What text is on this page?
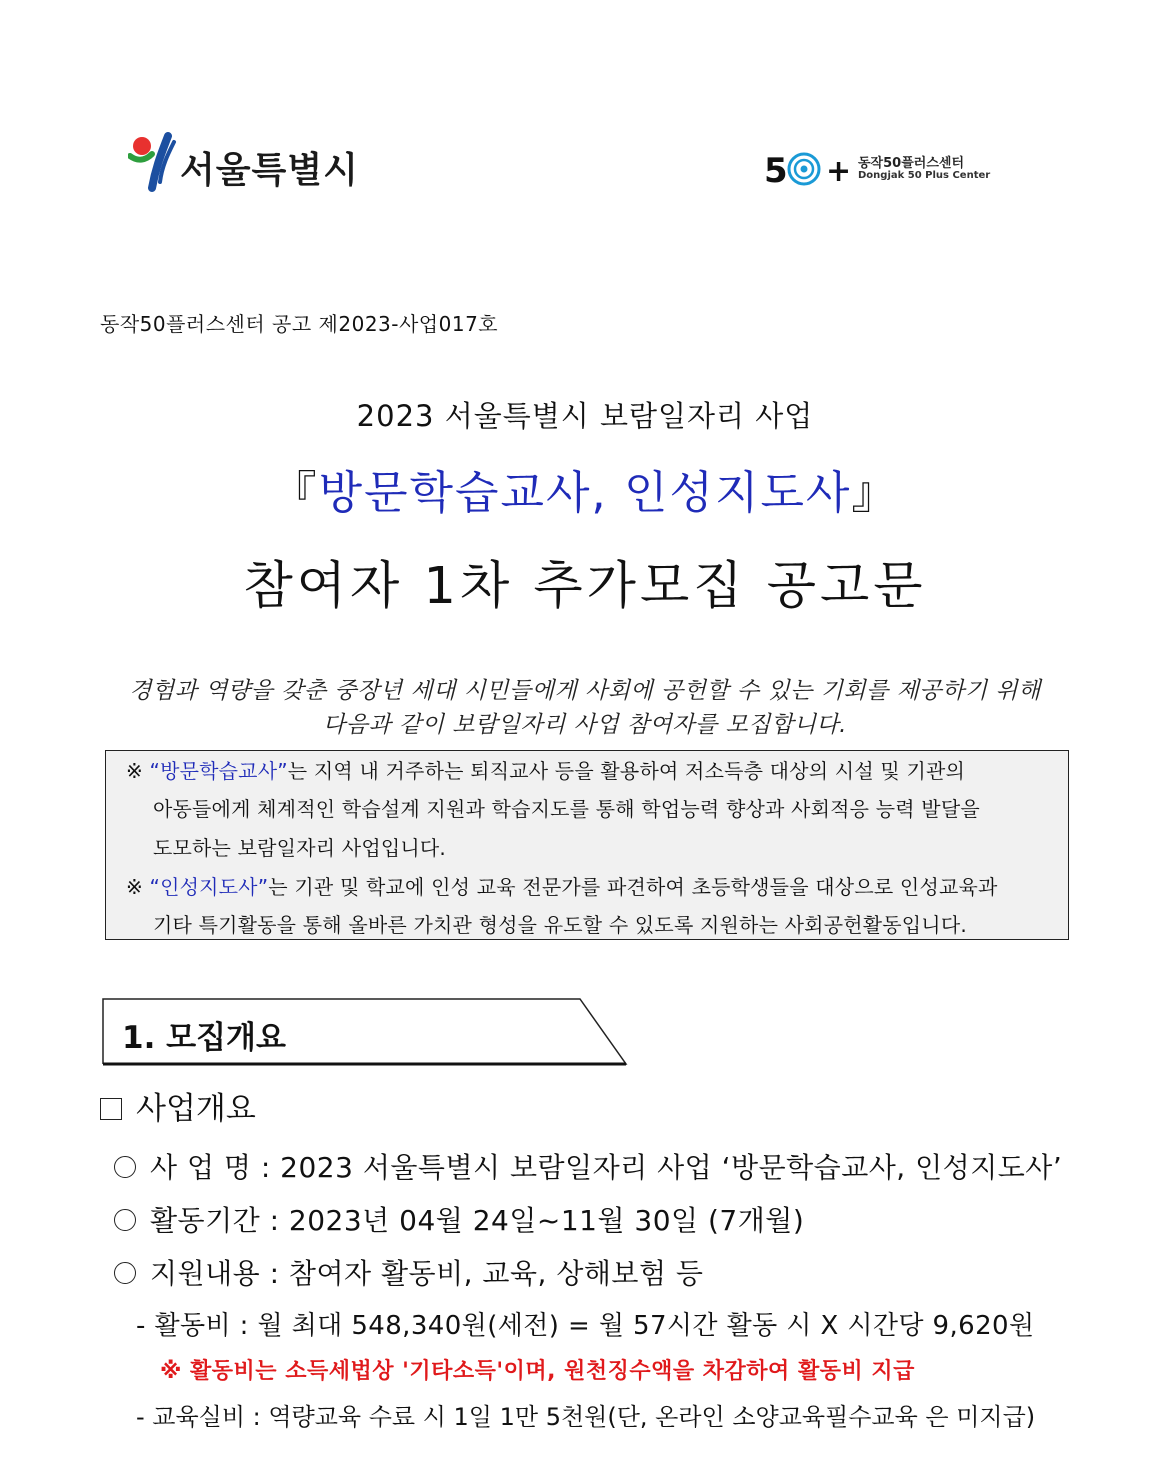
서울특별시	5 + 동작50플러스센터
Dongjak 50 Plus Center
동작50플러스센터 공고 제2023-사업017호
2023 서울특별시 보람일자리 사업
『방문학습교사, 인성지도사』
참여자 1차 추가모집 공고문
경험과 역량을 갖춘 중장년 세대 시민들에게 사회에 공헌할 수 있는 기회를 제공하기 위해
다음과 같이 보람일자리 사업 참여자를 모집합니다.
※ “방문학습교사”는 지역 내 거주하는 퇴직교사 등을 활용하여 저소득층 대상의 시설 및 기관의
아동들에게 체계적인 학습설계 지원과 학습지도를 통해 학업능력 향상과 사회적응 능력 발달을
도모하는 보람일자리 사업입니다.
※ “인성지도사”는 기관 및 학교에 인성 교육 전문가를 파견하여 초등학생들을 대상으로 인성교육과
기타 특기활동을 통해 올바른 가치관 형성을 유도할 수 있도록 지원하는 사회공헌활동입니다.
1. 모집개요
사업개요
사 업 명 : 2023 서울특별시 보람일자리 사업 ‘방문학습교사, 인성지도사’
활동기간 : 2023년 04월 24일~11월 30일 (7개월)
지원내용 : 참여자 활동비, 교육, 상해보험 등
- 활동비 : 월 최대 548,340원(세전) = 월 57시간 활동 시 X 시간당 9,620원
※ 활동비는 소득세법상 '기타소득'이며, 원천징수액을 차감하여 활동비 지급
- 교육실비 : 역량교육 수료 시 1일 1만 5천원(단, 온라인 소양교육필수교육 은 미지급)
